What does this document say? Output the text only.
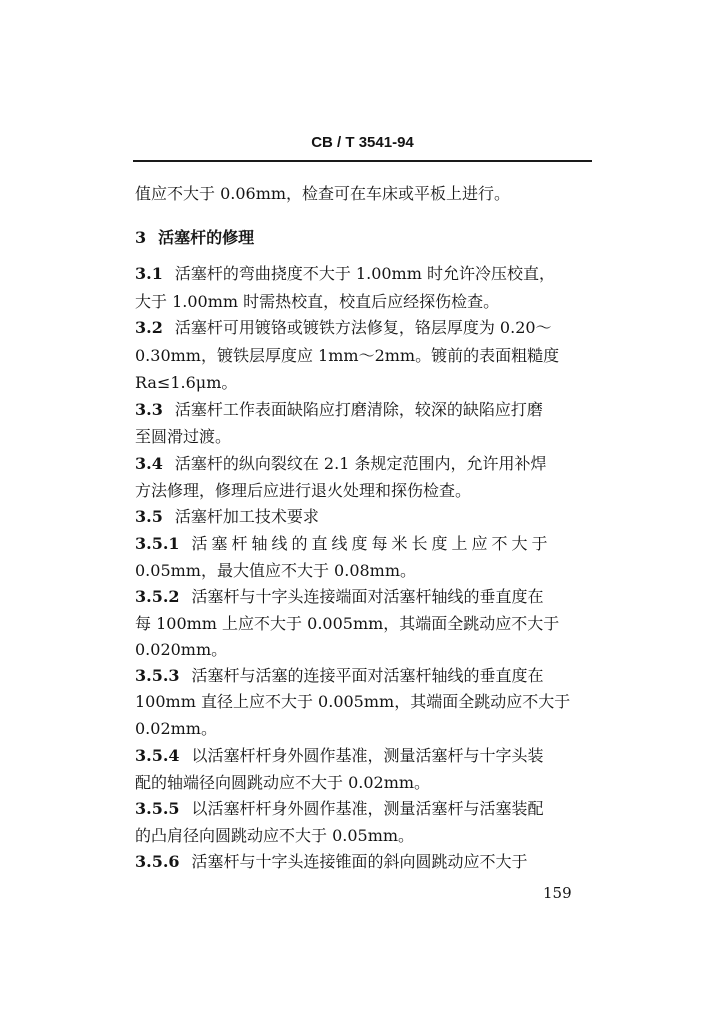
CB / T 3541-94
值应不大于 0.06mm，检查可在车床或平板上进行。
3 活塞杆的修理
3.1 活塞杆的弯曲挠度不大于 1.00mm 时允许冷压校直，
大于 1.00mm 时需热校直，校直后应经探伤检查。
3.2 活塞杆可用镀铬或镀铁方法修复，铬层厚度为 0.20～
0.30mm，镀铁层厚度应 1mm～2mm。镀前的表面粗糙度
Ra≤1.6μm。
3.3 活塞杆工作表面缺陷应打磨清除，较深的缺陷应打磨
至圆滑过渡。
3.4 活塞杆的纵向裂纹在 2.1 条规定范围内，允许用补焊
方法修理，修理后应进行退火处理和探伤检查。
3.5 活塞杆加工技术要求
3.5.1 活塞杆轴线的直线度每米长度上应不大于
0.05mm，最大值应不大于 0.08mm。
3.5.2 活塞杆与十字头连接端面对活塞杆轴线的垂直度在
每 100mm 上应不大于 0.005mm，其端面全跳动应不大于
0.020mm。
3.5.3 活塞杆与活塞的连接平面对活塞杆轴线的垂直度在
100mm 直径上应不大于 0.005mm，其端面全跳动应不大于
0.02mm。
3.5.4 以活塞杆杆身外圆作基准，测量活塞杆与十字头装
配的轴端径向圆跳动应不大于 0.02mm。
3.5.5 以活塞杆杆身外圆作基准，测量活塞杆与活塞装配
的凸肩径向圆跳动应不大于 0.05mm。
3.5.6 活塞杆与十字头连接锥面的斜向圆跳动应不大于
159
